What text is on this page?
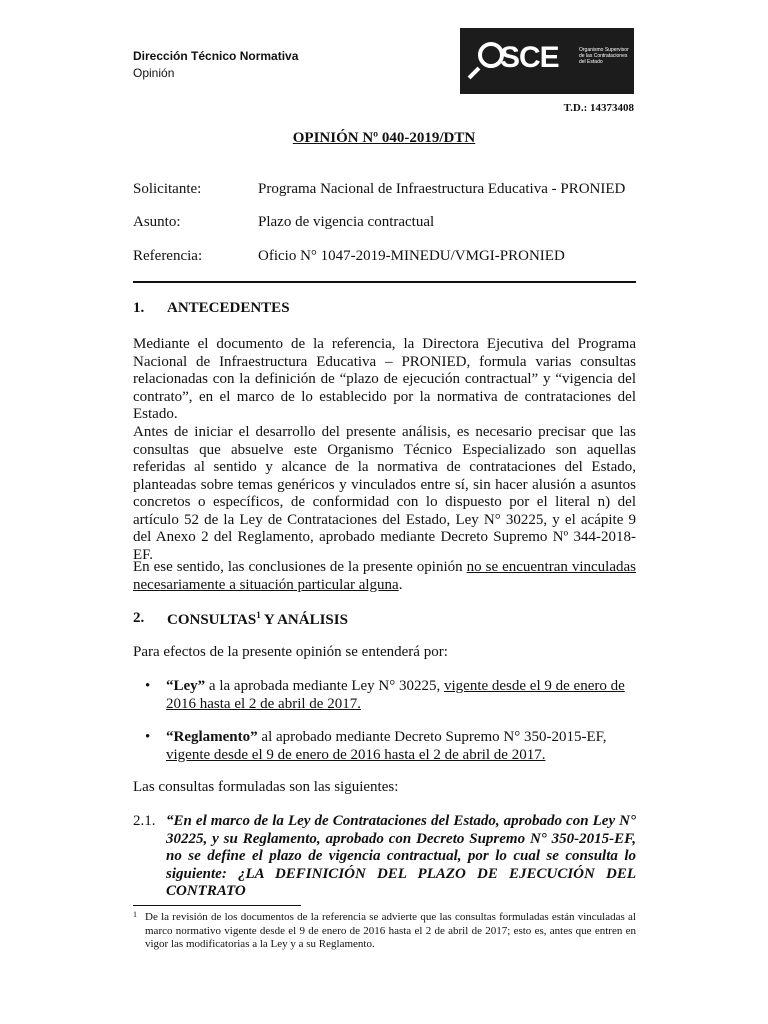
Dirección Técnico Normativa
Opinión	SCE	Organismo Supervisor de las Contrataciones del Estado
T.D.: 14373408
OPINIÓN Nº 040-2019/DTN
Solicitante:	Programa Nacional de Infraestructura Educativa - PRONIED
Asunto:	Plazo de vigencia contractual
Referencia:	Oficio N° 1047-2019-MINEDU/VMGI-PRONIED
1. ANTECEDENTES
Mediante el documento de la referencia, la Directora Ejecutiva del Programa Nacional de Infraestructura Educativa – PRONIED, formula varias consultas relacionadas con la definición de “plazo de ejecución contractual” y “vigencia del contrato”, en el marco de lo establecido por la normativa de contrataciones del Estado.
Antes de iniciar el desarrollo del presente análisis, es necesario precisar que las consultas que absuelve este Organismo Técnico Especializado son aquellas referidas al sentido y alcance de la normativa de contrataciones del Estado, planteadas sobre temas genéricos y vinculados entre sí, sin hacer alusión a asuntos concretos o específicos, de conformidad con lo dispuesto por el literal n) del artículo 52 de la Ley de Contrataciones del Estado, Ley N° 30225, y el acápite 9 del Anexo 2 del Reglamento, aprobado mediante Decreto Supremo Nº 344-2018-EF.
En ese sentido, las conclusiones de la presente opinión no se encuentran vinculadas necesariamente a situación particular alguna.
2. CONSULTAS$^1$ Y ANÁLISIS
Para efectos de la presente opinión se entenderá por:
• “Ley” a la aprobada mediante Ley N° 30225, vigente desde el 9 de enero de 2016 hasta el 2 de abril de 2017.
• “Reglamento” al aprobado mediante Decreto Supremo N° 350-2015-EF, vigente desde el 9 de enero de 2016 hasta el 2 de abril de 2017.
Las consultas formuladas son las siguientes:
2.1. “En el marco de la Ley de Contrataciones del Estado, aprobado con Ley N° 30225, y su Reglamento, aprobado con Decreto Supremo N° 350-2015-EF, no se define el plazo de vigencia contractual, por lo cual se consulta lo siguiente: ¿LA DEFINICIÓN DEL PLAZO DE EJECUCIÓN DEL CONTRATO
1 De la revisión de los documentos de la referencia se advierte que las consultas formuladas están vinculadas al marco normativo vigente desde el 9 de enero de 2016 hasta el 2 de abril de 2017; esto es, antes que entren en vigor las modificatorias a la Ley y a su Reglamento.
